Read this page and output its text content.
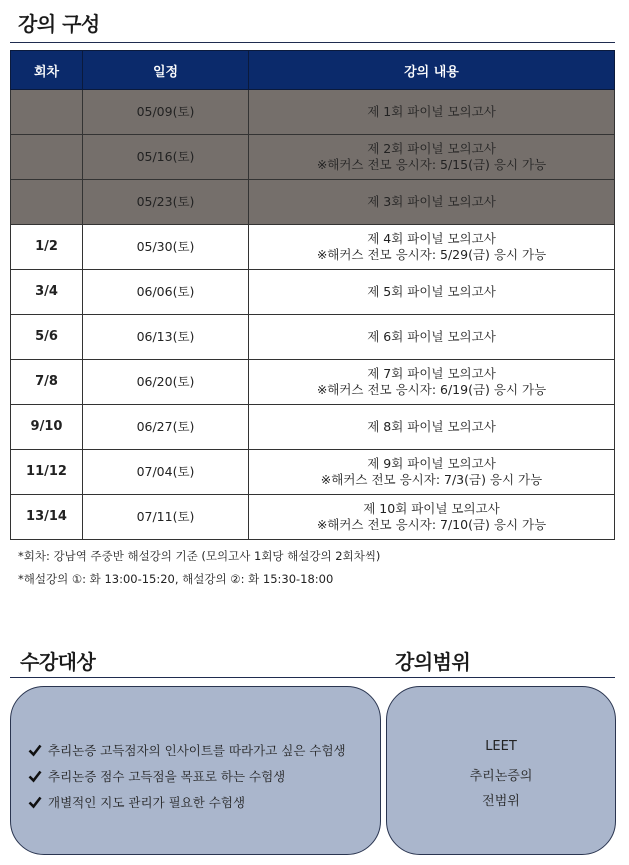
강의 구성
회차	일정	강의 내용
	05/09(토)	제 1회 파이널 모의고사

	05/16(토)	제 2회 파이널 모의고사
※해커스 전모 응시자: 5/15(금) 응시 가능

	05/23(토)	제 3회 파이널 모의고사

1/2	05/30(토)	제 4회 파이널 모의고사
※해커스 전모 응시자: 5/29(금) 응시 가능

3/4	06/06(토)	제 5회 파이널 모의고사

5/6	06/13(토)	제 6회 파이널 모의고사

7/8	06/20(토)	제 7회 파이널 모의고사
※해커스 전모 응시자: 6/19(금) 응시 가능

9/10	06/27(토)	제 8회 파이널 모의고사

11/12	07/04(토)	제 9회 파이널 모의고사
※해커스 전모 응시자: 7/3(금) 응시 가능

13/14	07/11(토)	제 10회 파이널 모의고사
※해커스 전모 응시자: 7/10(금) 응시 가능
*회차: 강남역 주중반 해설강의 기준 (모의고사 1회당 해설강의 2회차씩)
*해설강의 ①: 화 13:00-15:20, 해설강의 ②: 화 15:30-18:00
수강대상	강의범위
추리논증 고득점자의 인사이트를 따라가고 싶은 수험생
추리논증 점수 고득점을 목표로 하는 수험생
개별적인 지도 관리가 필요한 수험생
LEET
추리논증의
전범위
